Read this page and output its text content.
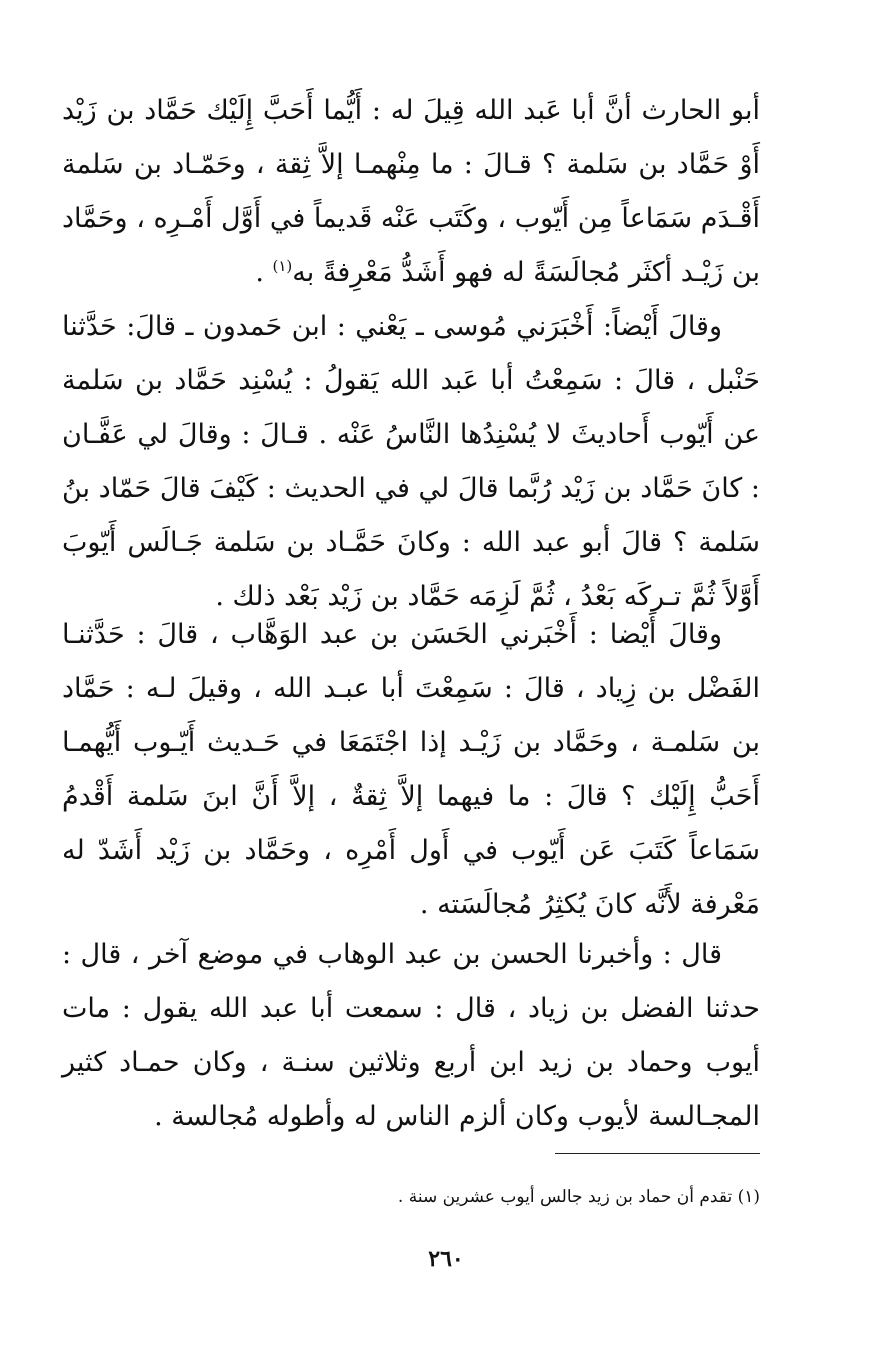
أبو الحارث أنَّ أبا عَبد الله قِيلَ له : أَيُّما أَحَبَّ إِلَيْك حَمَّاد بن زَيْد أَوْ حَمَّاد بن سَلمة ؟ قـالَ : ما مِنْهمـا إلاَّ ثِقة ، وحَمّـاد بن سَلمة أَقْـدَم سَمَاعاً مِن أَيّوب ، وكَتَب عَنْه قَديماً في أَوَّل أَمْـرِه ، وحَمَّاد بن زَيْـد أكثَر مُجالَسَةً له فهو أَشَدُّ مَعْرِفةً به$^{(١)}$ .

وقالَ أَيْضاً: أَخْبَرَني مُوسى ـ يَعْني : ابن حَمدون ـ قالَ: حَدَّثنا حَنْبل ، قالَ : سَمِعْتُ أبا عَبد الله يَقولُ : يُسْنِد حَمَّاد بن سَلمة عن أَيّوب أَحاديثَ لا يُسْنِدُها النَّاسُ عَنْه . قـالَ : وقالَ لي عَفَّـان : كانَ حَمَّاد بن زَيْد رُبَّما قالَ لي في الحديث : كَيْفَ قالَ حَمّاد بنُ سَلمة ؟ قالَ أبو عبد الله : وكانَ حَمَّـاد بن سَلمة جَـالَس أَيّوبَ أَوَّلاً ثُمَّ تـركَه بَعْدُ ، ثُمَّ لَزِمَه حَمَّاد بن زَيْد بَعْد ذلك .

وقالَ أَيْضا : أَخْبَرني الحَسَن بن عبد الوَهَّاب ، قالَ : حَدَّثنـا الفَضْل بن زِياد ، قالَ : سَمِعْتَ أبا عبـد الله ، وقيلَ لـه : حَمَّاد بن سَلمـة ، وحَمَّاد بن زَيْـد إذا اجْتَمَعَا في حَـديث أَيّـوب أَيُّهمـا أَحَبُّ إِلَيْك ؟ قالَ : ما فيهما إلاَّ ثِقةٌ ، إلاَّ أَنَّ ابنَ سَلمة أَقْدمُ سَمَاعاً كَتَبَ عَن أَيّوب في أَول أَمْرِه ، وحَمَّاد بن زَيْد أَشَدّ له مَعْرفة لأَنَّه كانَ يُكثِرُ مُجالَسَته .

قال : وأخبرنا الحسن بن عبد الوهاب في موضع آخر ، قال : حدثنا الفضل بن زياد ، قال : سمعت أبا عبد الله يقول : مات أيوب وحماد بن زيد ابن أربع وثلاثين سنـة ، وكان حمـاد كثير المجـالسة لأيوب وكان ألزم الناس له وأطوله مُجالسة .

(١) تقدم أن حماد بن زيد جالس أيوب عشرين سنة .

٢٦٠
